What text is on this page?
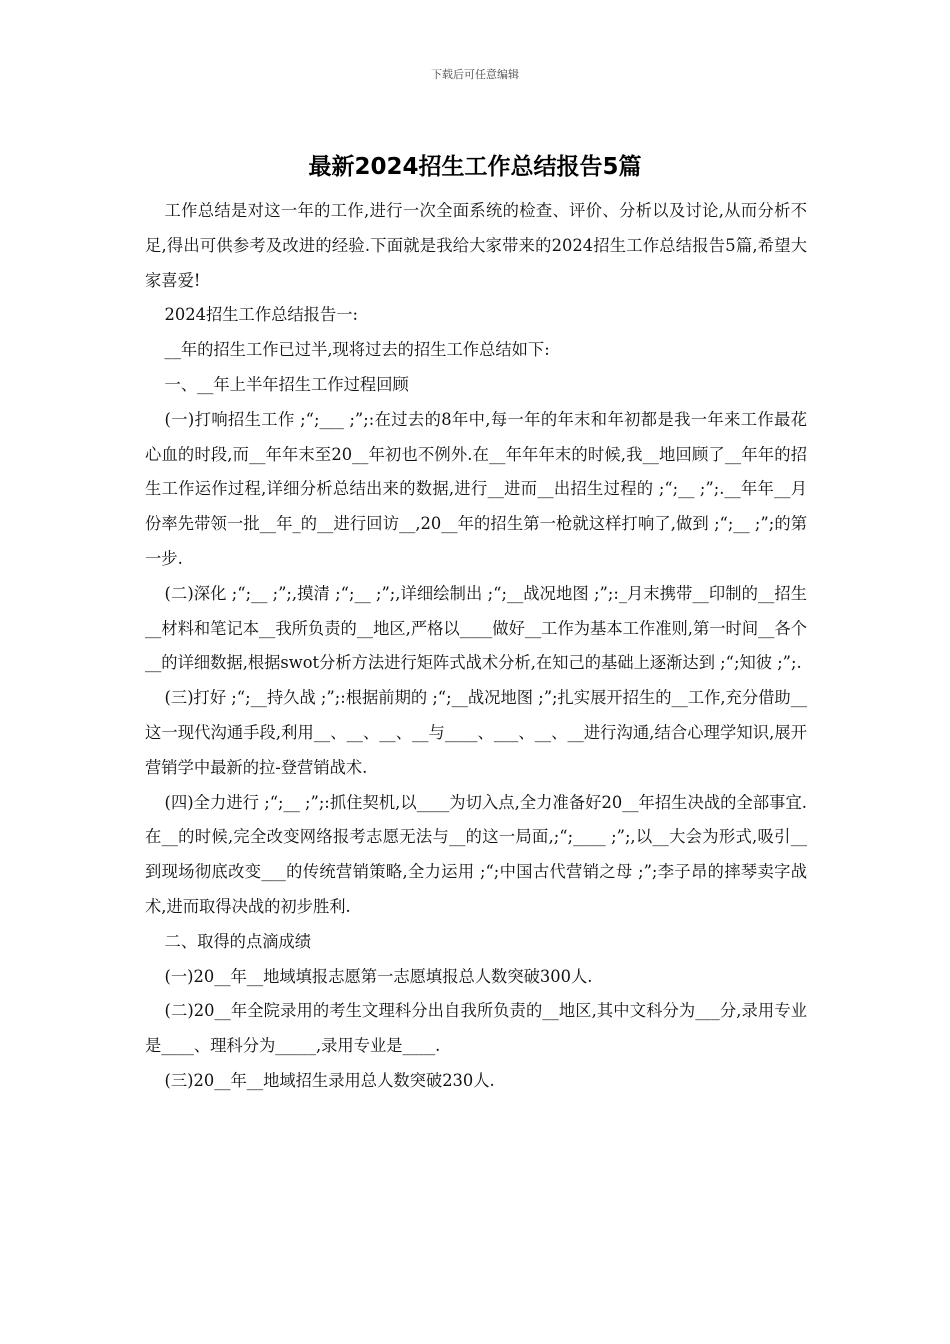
下载后可任意编辑
最新2024招生工作总结报告5篇

工作总结是对这一年的工作,进行一次全面系统的检查、评价、分析以及讨论,从而分析不足,得出可供参考及改进的经验.下面就是我给大家带来的2024招生工作总结报告5篇,希望大家喜爱!

2024招生工作总结报告一:

__年的招生工作已过半,现将过去的招生工作总结如下:

一、__年上半年招生工作过程回顾

(一)打响招生工作 ;“;___ ;”;:在过去的8年中,每一年的年末和年初都是我一年来工作最花心血的时段,而__年年末至20__年初也不例外.在__年年年末的时候,我__地回顾了__年年的招生工作运作过程,详细分析总结出来的数据,进行__进而__出招生过程的 ;“;__ ;”;.__年年__月份率先带领一批__年_的__进行回访__,20__年的招生第一枪就这样打响了,做到 ;“;__ ;”;的第一步.

(二)深化 ;“;__ ;”;,摸清 ;“;__ ;”;,详细绘制出 ;“;__战况地图 ;”;:_月末携带__印制的__招生__材料和笔记本__我所负责的__地区,严格以____做好__工作为基本工作准则,第一时间__各个__的详细数据,根据swot分析方法进行矩阵式战术分析,在知己的基础上逐渐达到 ;“;知彼 ;”;.

(三)打好 ;“;__持久战 ;”;:根据前期的 ;“;__战况地图 ;”;扎实展开招生的__工作,充分借助__这一现代沟通手段,利用__、__、__、__与____、___、__、__进行沟通,结合心理学知识,展开营销学中最新的拉-登营销战术.

(四)全力进行 ;“;__ ;”;:抓住契机,以____为切入点,全力准备好20__年招生决战的全部事宜.在__的时候,完全改变网络报考志愿无法与__的这一局面,;“;____ ;”;,以__大会为形式,吸引__到现场彻底改变___的传统营销策略,全力运用 ;“;中国古代营销之母 ;”;李子昂的摔琴卖字战术,进而取得决战的初步胜利.

二、取得的点滴成绩

(一)20__年__地域填报志愿第一志愿填报总人数突破300人.

(二)20__年全院录用的考生文理科分出自我所负责的__地区,其中文科分为___分,录用专业是____、理科分为_____,录用专业是____.

(三)20__年__地域招生录用总人数突破230人.
